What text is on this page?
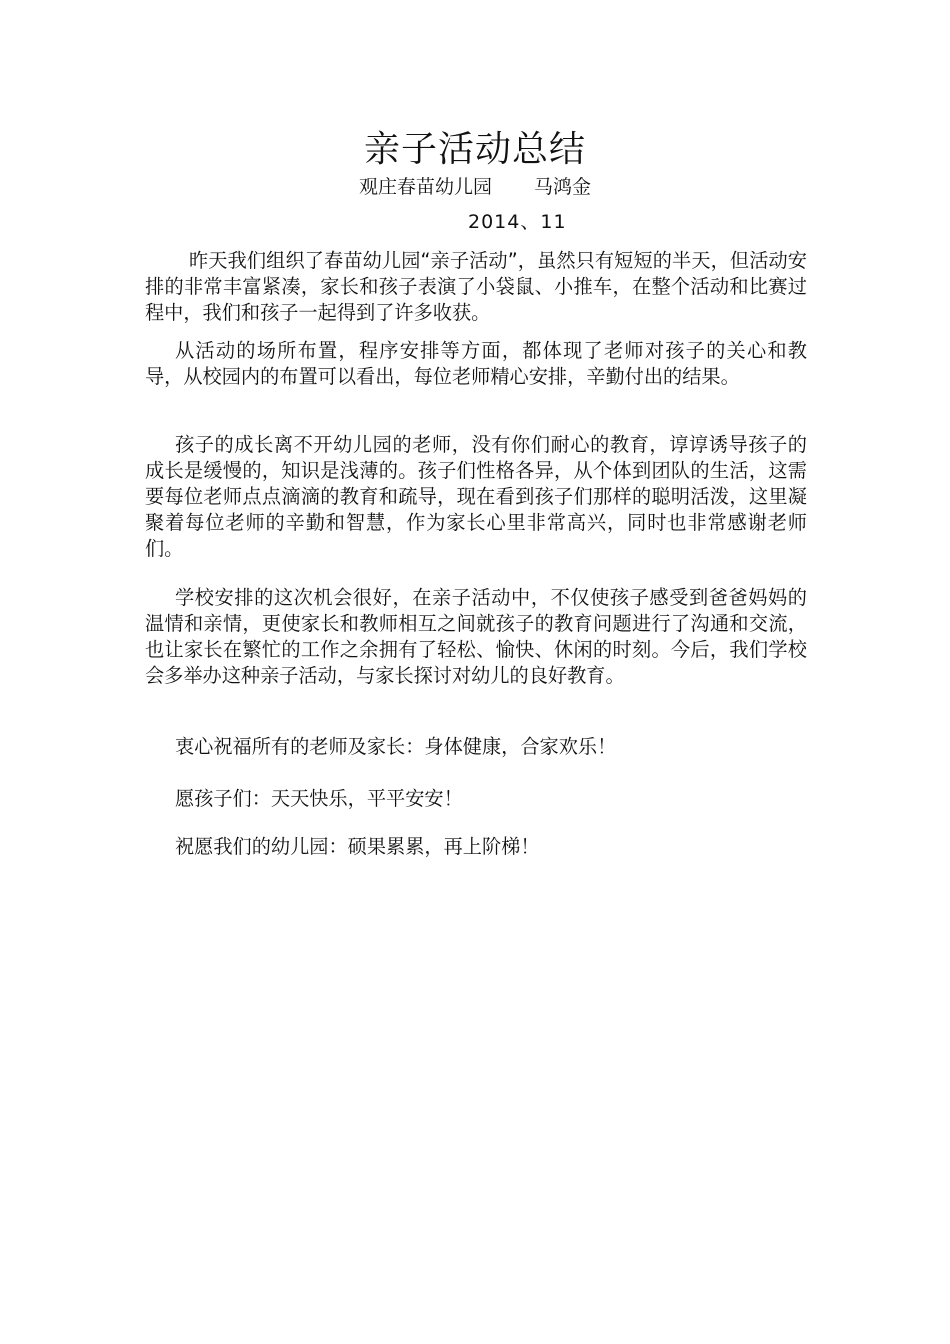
亲子活动总结
观庄春苗幼儿园 马鸿金
2014、11

昨天我们组织了春苗幼儿园“亲子活动”，虽然只有短短的半天，但活动安排的非常丰富紧凑，家长和孩子表演了小袋鼠、小推车，在整个活动和比赛过程中，我们和孩子一起得到了许多收获。

从活动的场所布置，程序安排等方面，都体现了老师对孩子的关心和教导，从校园内的布置可以看出，每位老师精心安排，辛勤付出的结果。

孩子的成长离不开幼儿园的老师，没有你们耐心的教育，谆谆诱导孩子的成长是缓慢的，知识是浅薄的。孩子们性格各异，从个体到团队的生活，这需要每位老师点点滴滴的教育和疏导，现在看到孩子们那样的聪明活泼，这里凝聚着每位老师的辛勤和智慧，作为家长心里非常高兴，同时也非常感谢老师们。

学校安排的这次机会很好，在亲子活动中，不仅使孩子感受到爸爸妈妈的温情和亲情，更使家长和教师相互之间就孩子的教育问题进行了沟通和交流，也让家长在繁忙的工作之余拥有了轻松、愉快、休闲的时刻。今后，我们学校会多举办这种亲子活动，与家长探讨对幼儿的良好教育。

衷心祝福所有的老师及家长：身体健康，合家欢乐！
愿孩子们：天天快乐，平平安安！
祝愿我们的幼儿园：硕果累累，再上阶梯！
